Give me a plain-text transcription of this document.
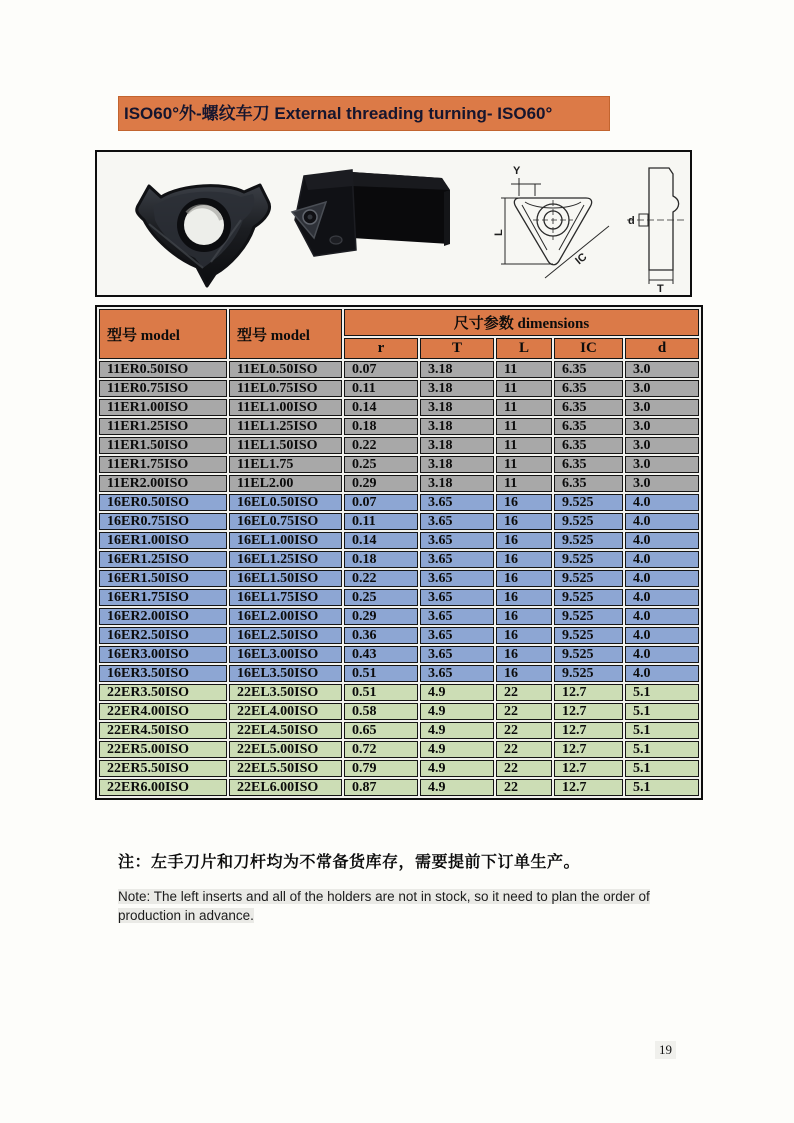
ISO60°外-螺纹车刀 External threading turning- ISO60°
Y
L
IC
d
T
型号 model	型号 model	尺寸参数 dimensions				
		r	T	L	IC	d
11ER0.50ISO	11EL0.50ISO	0.07	3.18	11	6.35	3.0
11ER0.75ISO	11EL0.75ISO	0.11	3.18	11	6.35	3.0
11ER1.00ISO	11EL1.00ISO	0.14	3.18	11	6.35	3.0
11ER1.25ISO	11EL1.25ISO	0.18	3.18	11	6.35	3.0
11ER1.50ISO	11EL1.50ISO	0.22	3.18	11	6.35	3.0
11ER1.75ISO	11EL1.75	0.25	3.18	11	6.35	3.0
11ER2.00ISO	11EL2.00	0.29	3.18	11	6.35	3.0
16ER0.50ISO	16EL0.50ISO	0.07	3.65	16	9.525	4.0
16ER0.75ISO	16EL0.75ISO	0.11	3.65	16	9.525	4.0
16ER1.00ISO	16EL1.00ISO	0.14	3.65	16	9.525	4.0
16ER1.25ISO	16EL1.25ISO	0.18	3.65	16	9.525	4.0
16ER1.50ISO	16EL1.50ISO	0.22	3.65	16	9.525	4.0
16ER1.75ISO	16EL1.75ISO	0.25	3.65	16	9.525	4.0
16ER2.00ISO	16EL2.00ISO	0.29	3.65	16	9.525	4.0
16ER2.50ISO	16EL2.50ISO	0.36	3.65	16	9.525	4.0
16ER3.00ISO	16EL3.00ISO	0.43	3.65	16	9.525	4.0
16ER3.50ISO	16EL3.50ISO	0.51	3.65	16	9.525	4.0
22ER3.50ISO	22EL3.50ISO	0.51	4.9	22	12.7	5.1
22ER4.00ISO	22EL4.00ISO	0.58	4.9	22	12.7	5.1
22ER4.50ISO	22EL4.50ISO	0.65	4.9	22	12.7	5.1
22ER5.00ISO	22EL5.00ISO	0.72	4.9	22	12.7	5.1
22ER5.50ISO	22EL5.50ISO	0.79	4.9	22	12.7	5.1
22ER6.00ISO	22EL6.00ISO	0.87	4.9	22	12.7	5.1
注：左手刀片和刀杆均为不常备货库存，需要提前下订单生产。
Note: The left inserts and all of the holders are not in stock, so it need to plan the order of production in advance.
19
